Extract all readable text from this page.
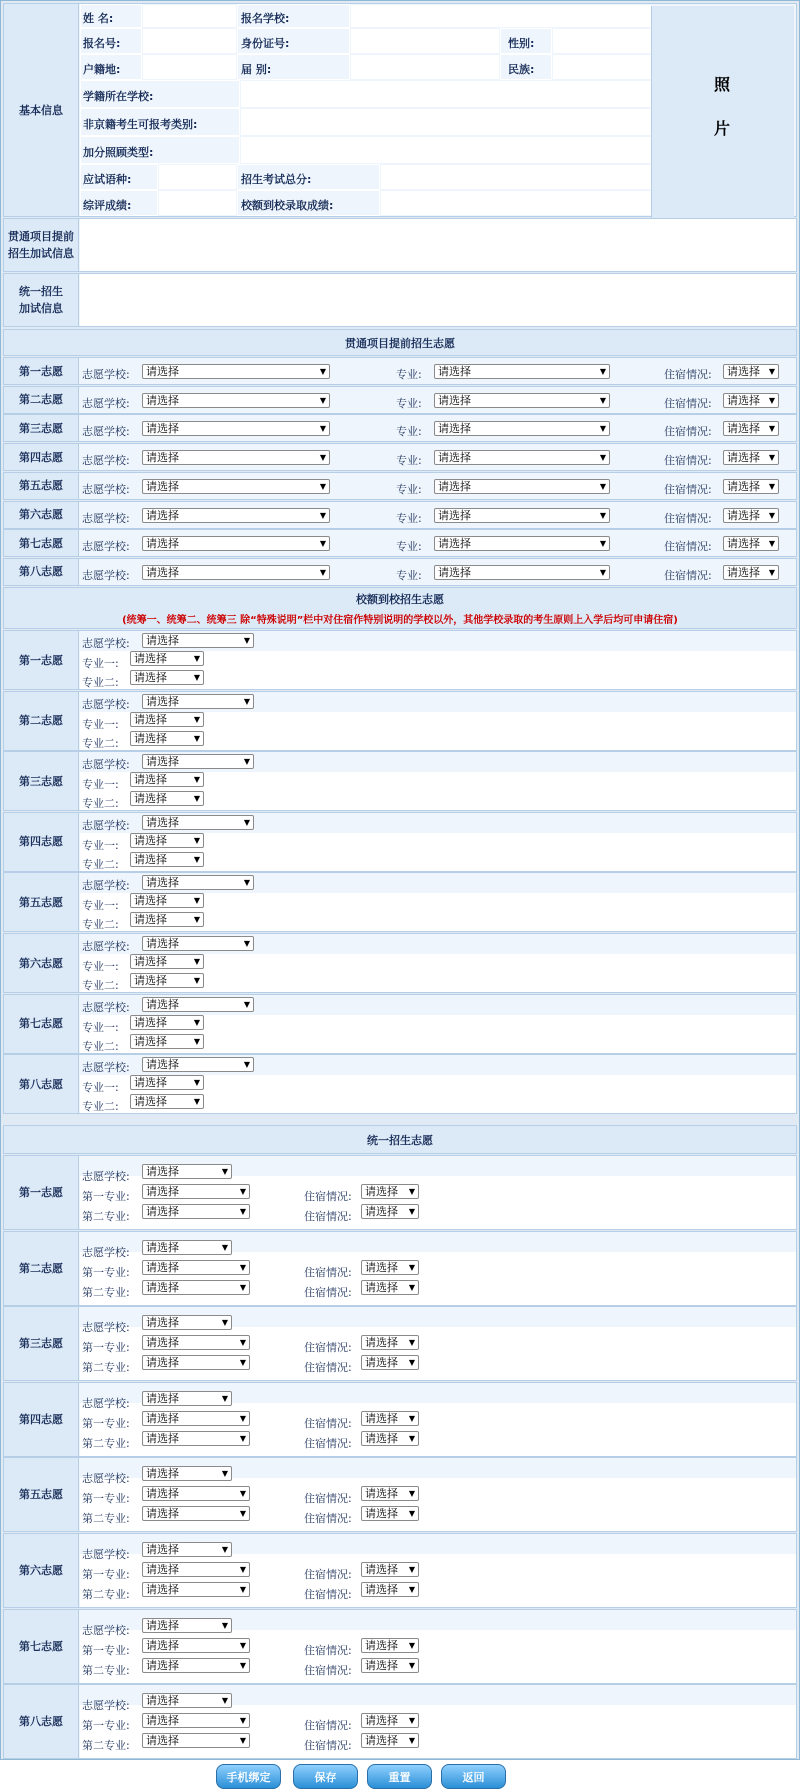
基本信息
姓 名:	报名学校:
报名号:	身份证号:	性别:
户籍地:	届 别:	民族:
学籍所在学校:
非京籍考生可报考类别:
加分照顾类型:
应试语种:	招生考试总分:
综评成绩:	校额到校录取成绩:
照
片
贯通项目提前
招生加试信息
统一招生
加试信息
贯通项目提前招生志愿
校额到校招生志愿
(统筹一、统筹二、统筹三 除“特殊说明”栏中对住宿作特别说明的学校以外，其他学校录取的考生原则上入学后均可申请住宿)
统一招生志愿
第一志愿	志愿学校:	请选择	▼	专业:	请选择	▼	住宿情况:	请选择 ▼
第二志愿	志愿学校:	请选择	▼	专业:	请选择	▼	住宿情况:	请选择 ▼
第三志愿	志愿学校:	请选择	▼	专业:	请选择	▼	住宿情况:	请选择 ▼
第四志愿	志愿学校:	请选择	▼	专业:	请选择	▼	住宿情况:	请选择 ▼
第五志愿	志愿学校:	请选择	▼	专业:	请选择	▼	住宿情况:	请选择 ▼
第六志愿	志愿学校:	请选择	▼	专业:	请选择	▼	住宿情况:	请选择 ▼
第七志愿	志愿学校:	请选择	▼	专业:	请选择	▼	住宿情况:	请选择 ▼
第八志愿	志愿学校:	请选择	▼	专业:	请选择	▼	住宿情况:	请选择 ▼
第一志愿
志愿学校:	请选择	▼
专业一:	请选择	▼
专业二:	请选择	▼
第二志愿
志愿学校:	请选择	▼
专业一:	请选择	▼
专业二:	请选择	▼
第三志愿
志愿学校:	请选择	▼
专业一:	请选择	▼
专业二:	请选择	▼
第四志愿
志愿学校:	请选择	▼
专业一:	请选择	▼
专业二:	请选择	▼
第五志愿
志愿学校:	请选择	▼
专业一:	请选择	▼
专业二:	请选择	▼
第六志愿
志愿学校:	请选择	▼
专业一:	请选择	▼
专业二:	请选择	▼
第七志愿
志愿学校:	请选择	▼
专业一:	请选择	▼
专业二:	请选择	▼
第八志愿
志愿学校:	请选择	▼
专业一:	请选择	▼
专业二:	请选择	▼
第一志愿
志愿学校:	请选择	▼
第一专业:	请选择	▼	住宿情况:	请选择 ▼
第二专业:	请选择	▼	住宿情况:	请选择 ▼
第二志愿
志愿学校:	请选择	▼
第一专业:	请选择	▼	住宿情况:	请选择 ▼
第二专业:	请选择	▼	住宿情况:	请选择 ▼
第三志愿
志愿学校:	请选择	▼
第一专业:	请选择	▼	住宿情况:	请选择 ▼
第二专业:	请选择	▼	住宿情况:	请选择 ▼
第四志愿
志愿学校:	请选择	▼
第一专业:	请选择	▼	住宿情况:	请选择 ▼
第二专业:	请选择	▼	住宿情况:	请选择 ▼
第五志愿
志愿学校:	请选择	▼
第一专业:	请选择	▼	住宿情况:	请选择 ▼
第二专业:	请选择	▼	住宿情况:	请选择 ▼
第六志愿
志愿学校:	请选择	▼
第一专业:	请选择	▼	住宿情况:	请选择 ▼
第二专业:	请选择	▼	住宿情况:	请选择 ▼
第七志愿
志愿学校:	请选择	▼
第一专业:	请选择	▼	住宿情况:	请选择 ▼
第二专业:	请选择	▼	住宿情况:	请选择 ▼
第八志愿
志愿学校:	请选择	▼
第一专业:	请选择	▼	住宿情况:	请选择 ▼
第二专业:	请选择	▼	住宿情况:	请选择 ▼
手机绑定	保存	重置	返回
